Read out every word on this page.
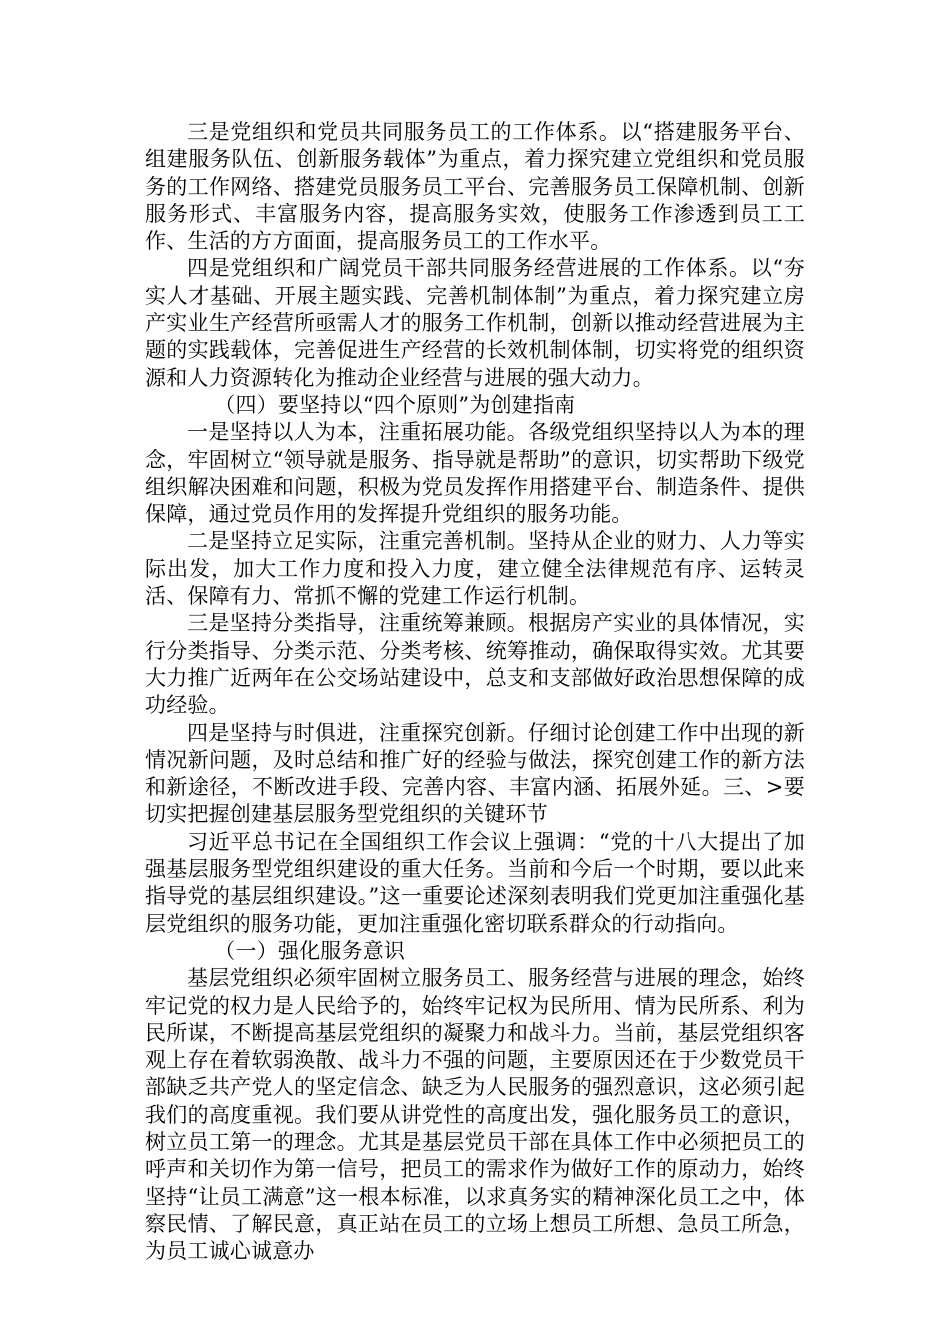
三是党组织和党员共同服务员工的工作体系。以“搭建服务平台、组建服务队伍、创新服务载体”为重点，着力探究建立党组织和党员服务的工作网络、搭建党员服务员工平台、完善服务员工保障机制、创新服务形式、丰富服务内容，提高服务实效，使服务工作渗透到员工工作、生活的方方面面，提高服务员工的工作水平。

四是党组织和广阔党员干部共同服务经营进展的工作体系。以“夯实人才基础、开展主题实践、完善机制体制”为重点，着力探究建立房产实业生产经营所亟需人才的服务工作机制，创新以推动经营进展为主题的实践载体，完善促进生产经营的长效机制体制，切实将党的组织资源和人力资源转化为推动企业经营与进展的强大动力。

（四）要坚持以“四个原则”为创建指南

一是坚持以人为本，注重拓展功能。各级党组织坚持以人为本的理念，牢固树立“领导就是服务、指导就是帮助”的意识，切实帮助下级党组织解决困难和问题，积极为党员发挥作用搭建平台、制造条件、提供保障，通过党员作用的发挥提升党组织的服务功能。

二是坚持立足实际，注重完善机制。坚持从企业的财力、人力等实际出发，加大工作力度和投入力度，建立健全法律规范有序、运转灵活、保障有力、常抓不懈的党建工作运行机制。

三是坚持分类指导，注重统筹兼顾。根据房产实业的具体情况，实行分类指导、分类示范、分类考核、统筹推动，确保取得实效。尤其要大力推广近两年在公交场站建设中，总支和支部做好政治思想保障的成功经验。

四是坚持与时俱进，注重探究创新。仔细讨论创建工作中出现的新情况新问题，及时总结和推广好的经验与做法，探究创建工作的新方法和新途径，不断改进手段、完善内容、丰富内涵、拓展外延。三、>要切实把握创建基层服务型党组织的关键环节

习近平总书记在全国组织工作会议上强调：“党的十八大提出了加强基层服务型党组织建设的重大任务。当前和今后一个时期，要以此来指导党的基层组织建设。”这一重要论述深刻表明我们党更加注重强化基层党组织的服务功能，更加注重强化密切联系群众的行动指向。

（一）强化服务意识

基层党组织必须牢固树立服务员工、服务经营与进展的理念，始终牢记党的权力是人民给予的，始终牢记权为民所用、情为民所系、利为民所谋，不断提高基层党组织的凝聚力和战斗力。当前，基层党组织客观上存在着软弱涣散、战斗力不强的问题，主要原因还在于少数党员干部缺乏共产党人的坚定信念、缺乏为人民服务的强烈意识，这必须引起我们的高度重视。我们要从讲党性的高度出发，强化服务员工的意识，树立员工第一的理念。尤其是基层党员干部在具体工作中必须把员工的呼声和关切作为第一信号，把员工的需求作为做好工作的原动力，始终坚持“让员工满意”这一根本标准，以求真务实的精神深化员工之中，体察民情、了解民意，真正站在员工的立场上想员工所想、急员工所急，为员工诚心诚意办
